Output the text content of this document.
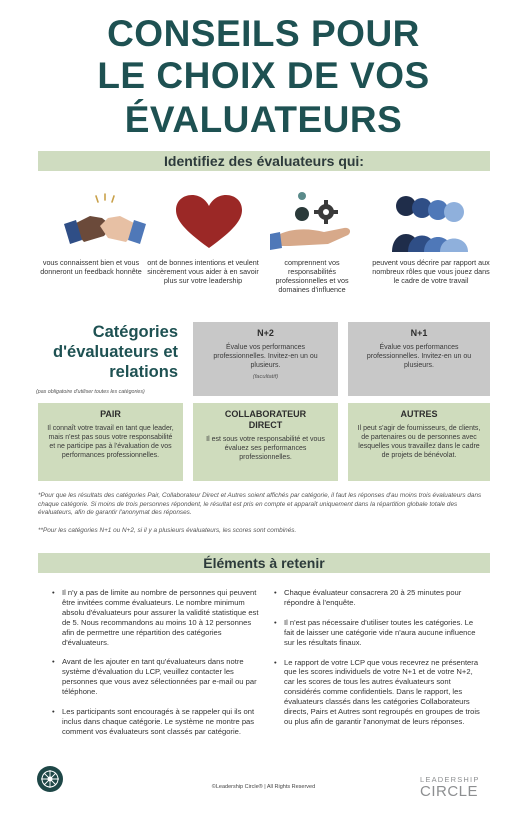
CONSEILS POUR
LE CHOIX DE VOS
ÉVALUATEURS
Identifiez des évaluateurs qui:
vous connaissent bien et vous donneront un feedback honnête
ont de bonnes intentions et veulent sincèrement vous aider à en savoir plus sur votre leadership
comprennent vos responsabilités professionnelles et vos domaines d'influence
peuvent vous décrire par rapport aux nombreux rôles que vous jouez dans le cadre de votre travail
Catégories
d'évaluateurs et
relations
(pas obligatoire d'utiliser toutes les catégories)
N+2
Évalue vos performances professionnelles. Invitez-en un ou plusieurs.
(facultatif)
N+1
Évalue vos performances professionnelles. Invitez-en un ou plusieurs.
PAIR
Il connaît votre travail en tant que leader, mais n'est pas sous votre responsabilité et ne participe pas à l'évaluation de vos performances professionnelles.
COLLABORATEUR
DIRECT
Il est sous votre responsabilité et vous évaluez ses performances professionnelles.
AUTRES
Il peut s'agir de fournisseurs, de clients, de partenaires ou de personnes avec lesquelles vous travaillez dans le cadre de projets de bénévolat.
*Pour que les résultats des catégories Pair, Collaborateur Direct et Autres soient affichés par catégorie, il faut les réponses d'au moins trois évaluateurs dans chaque catégorie. Si moins de trois personnes répondent, le résultat est pris en compte et apparaît uniquement dans la répartition globale totale des évaluateurs, afin de garantir l'anonymat des réponses.
**Pour les catégories N+1 ou N+2, si il y a plusieurs évaluateurs, les scores sont combinés.
Éléments à retenir
• Il n'y a pas de limite au nombre de personnes qui peuvent être invitées comme évaluateurs. Le nombre minimum absolu d'évaluateurs pour assurer la validité statistique est de 5. Nous recommandons au moins 10 à 12 personnes afin de permettre une répartition des catégories d'évaluateurs.
• Avant de les ajouter en tant qu'évaluateurs dans notre système d'évaluation du LCP, veuillez contacter les personnes que vous avez sélectionnées par e-mail ou par téléphone.
• Les participants sont encouragés à se rappeler qui ils ont inclus dans chaque catégorie. Le système ne montre pas comment vos évaluateurs sont classés par catégorie.
• Chaque évaluateur consacrera 20 à 25 minutes pour répondre à l'enquête.
• Il n'est pas nécessaire d'utiliser toutes les catégories. Le fait de laisser une catégorie vide n'aura aucune influence sur les résultats finaux.
• Le rapport de votre LCP que vous recevrez ne présentera que les scores individuels de votre N+1 et de votre N+2, car les scores de tous les autres évaluateurs sont considérés comme confidentiels. Dans le rapport, les évaluateurs classés dans les catégories Collaborateurs directs, Pairs et Autres sont regroupés en groupes de trois ou plus afin de garantir l'anonymat de leurs réponses.
©Leadership Circle® | All Rights Reserved
LEADERSHIP
CIRCLE
